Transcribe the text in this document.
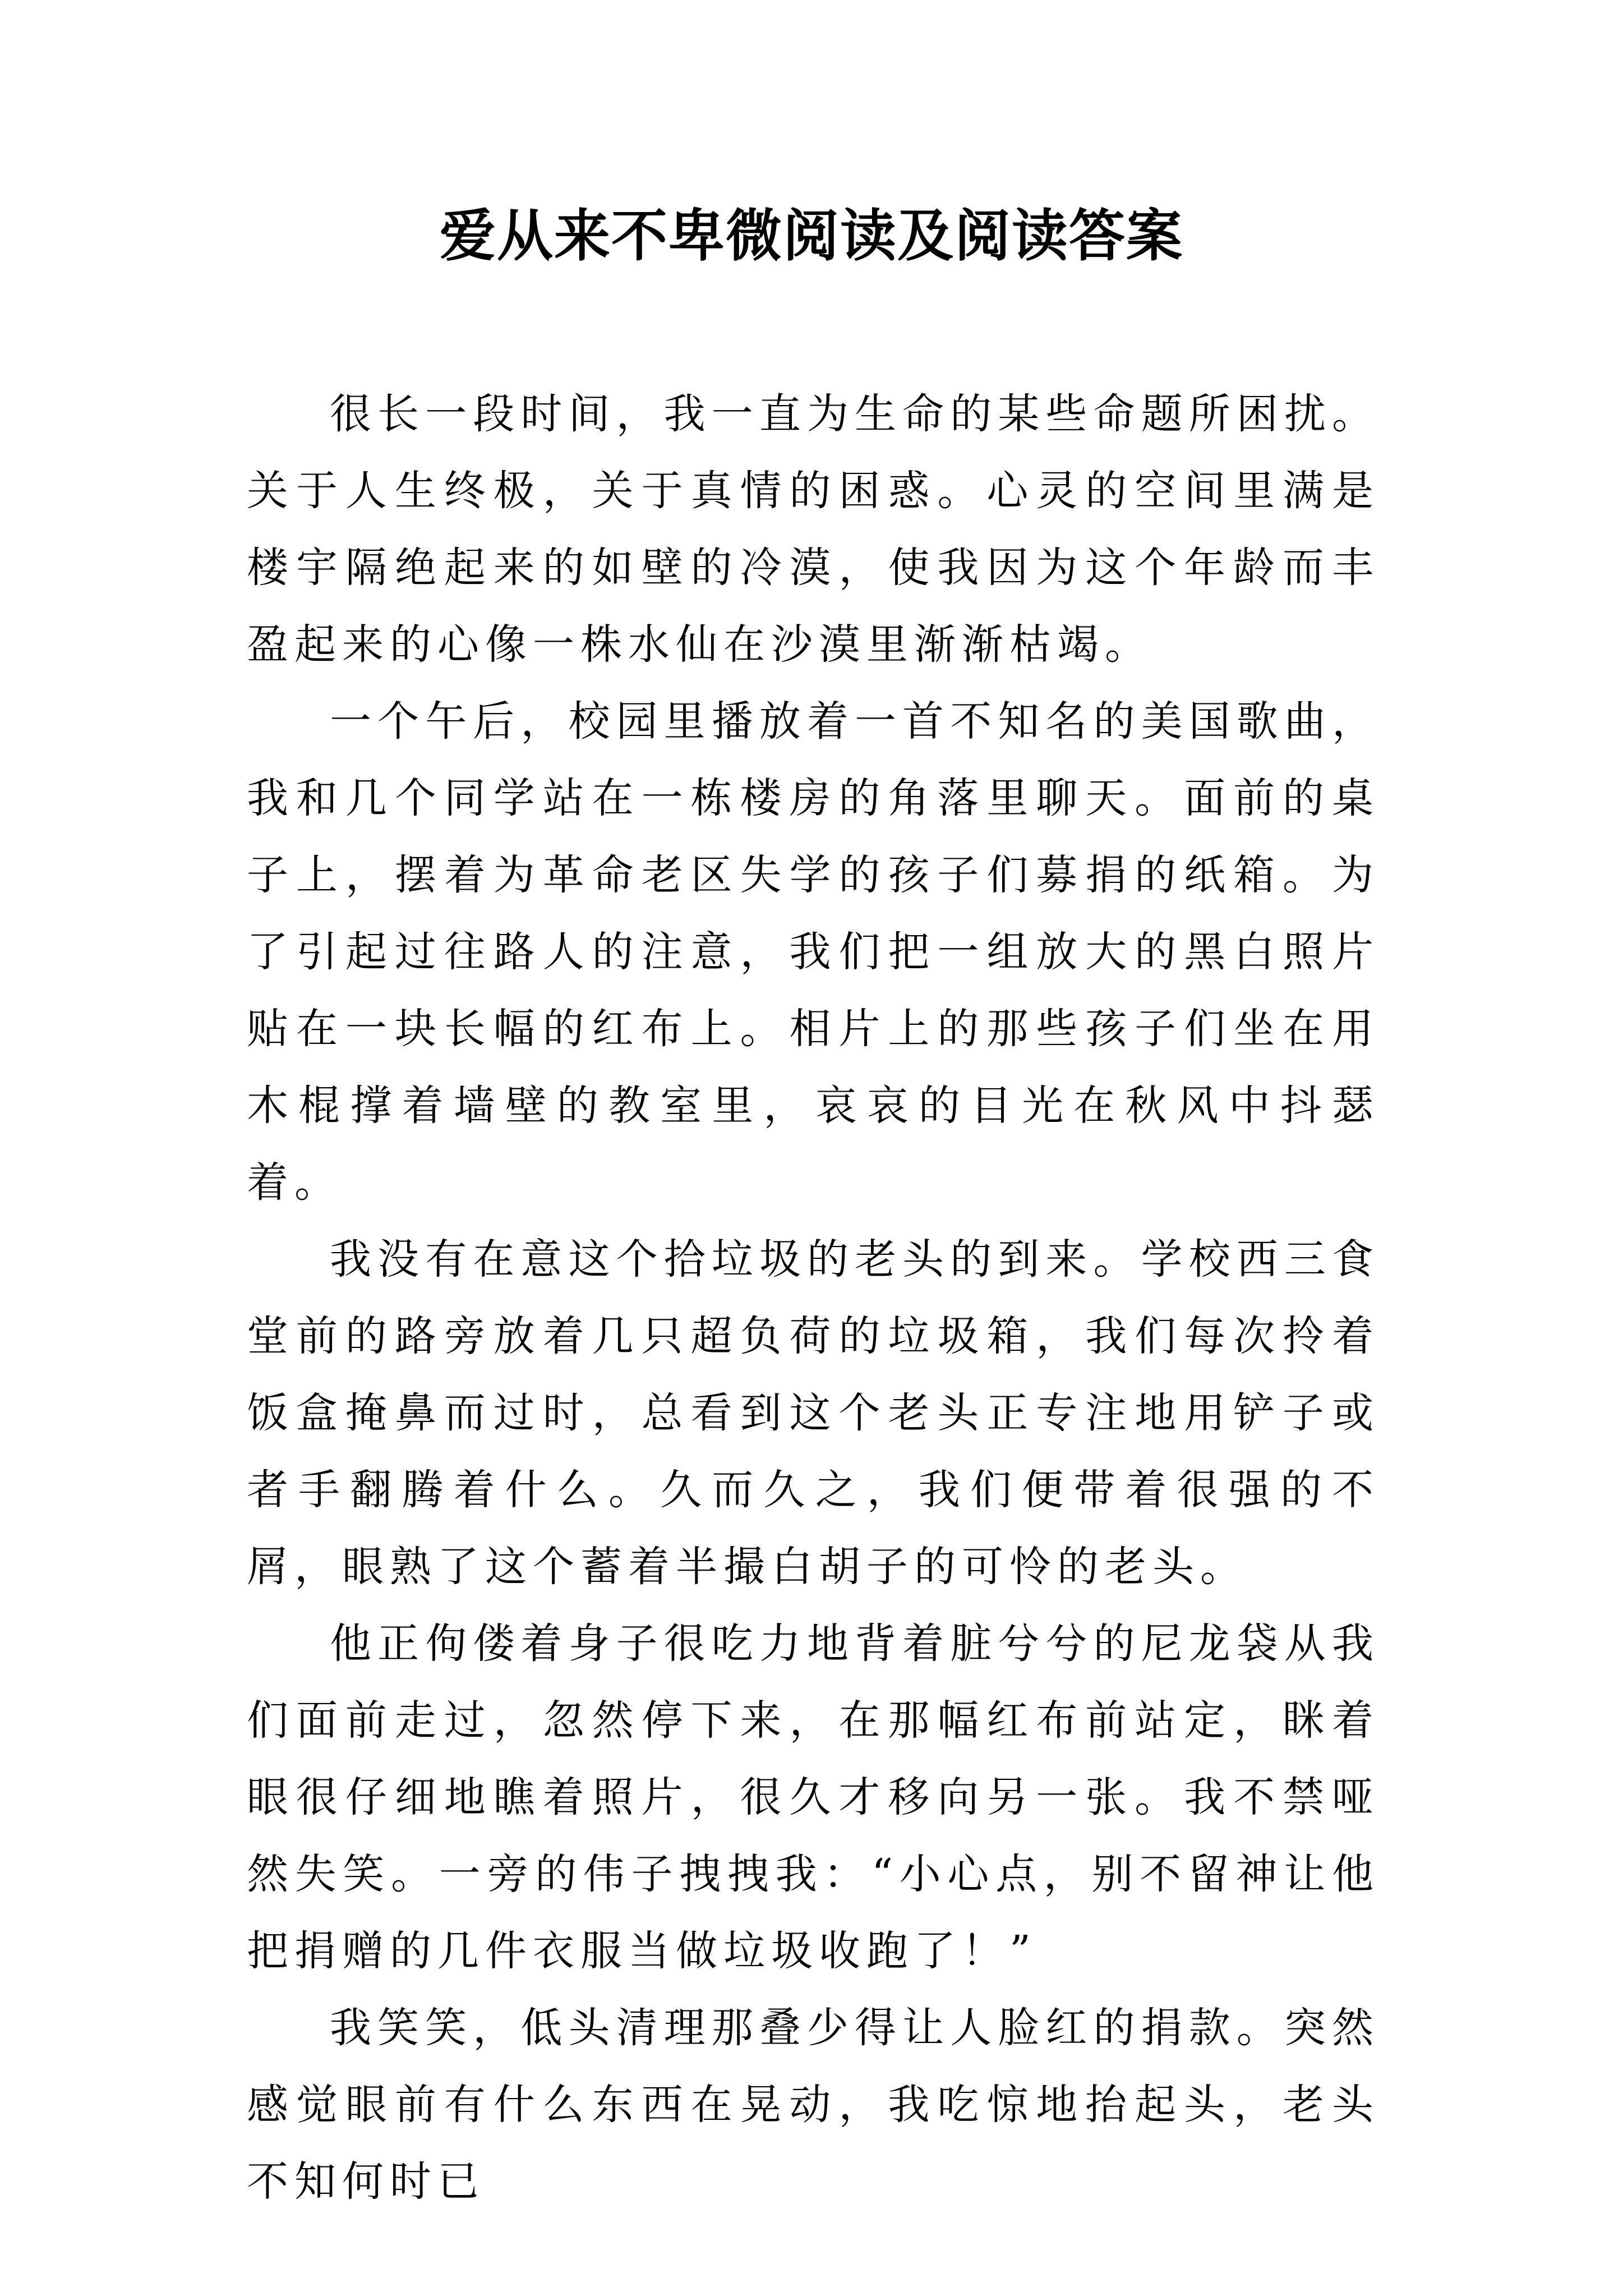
爱从来不卑微阅读及阅读答案

很长一段时间，我一直为生命的某些命题所困扰。关于人生终极，关于真情的困惑。心灵的空间里满是楼宇隔绝起来的如壁的冷漠，使我因为这个年龄而丰盈起来的心像一株水仙在沙漠里渐渐枯竭。

一个午后，校园里播放着一首不知名的美国歌曲，我和几个同学站在一栋楼房的角落里聊天。面前的桌子上，摆着为革命老区失学的孩子们募捐的纸箱。为了引起过往路人的注意，我们把一组放大的黑白照片贴在一块长幅的红布上。相片上的那些孩子们坐在用木棍撑着墙壁的教室里，哀哀的目光在秋风中抖瑟着。

我没有在意这个拾垃圾的老头的到来。学校西三食堂前的路旁放着几只超负荷的垃圾箱，我们每次拎着饭盒掩鼻而过时，总看到这个老头正专注地用铲子或者手翻腾着什么。久而久之，我们便带着很强的不屑，眼熟了这个蓄着半撮白胡子的可怜的老头。

他正佝偻着身子很吃力地背着脏兮兮的尼龙袋从我们面前走过，忽然停下来，在那幅红布前站定，眯着眼很仔细地瞧着照片，很久才移向另一张。我不禁哑然失笑。一旁的伟子拽拽我：“小心点，别不留神让他把捐赠的几件衣服当做垃圾收跑了！”

我笑笑，低头清理那叠少得让人脸红的捐款。突然感觉眼前有什么东西在晃动，我吃惊地抬起头，老头不知何时已
